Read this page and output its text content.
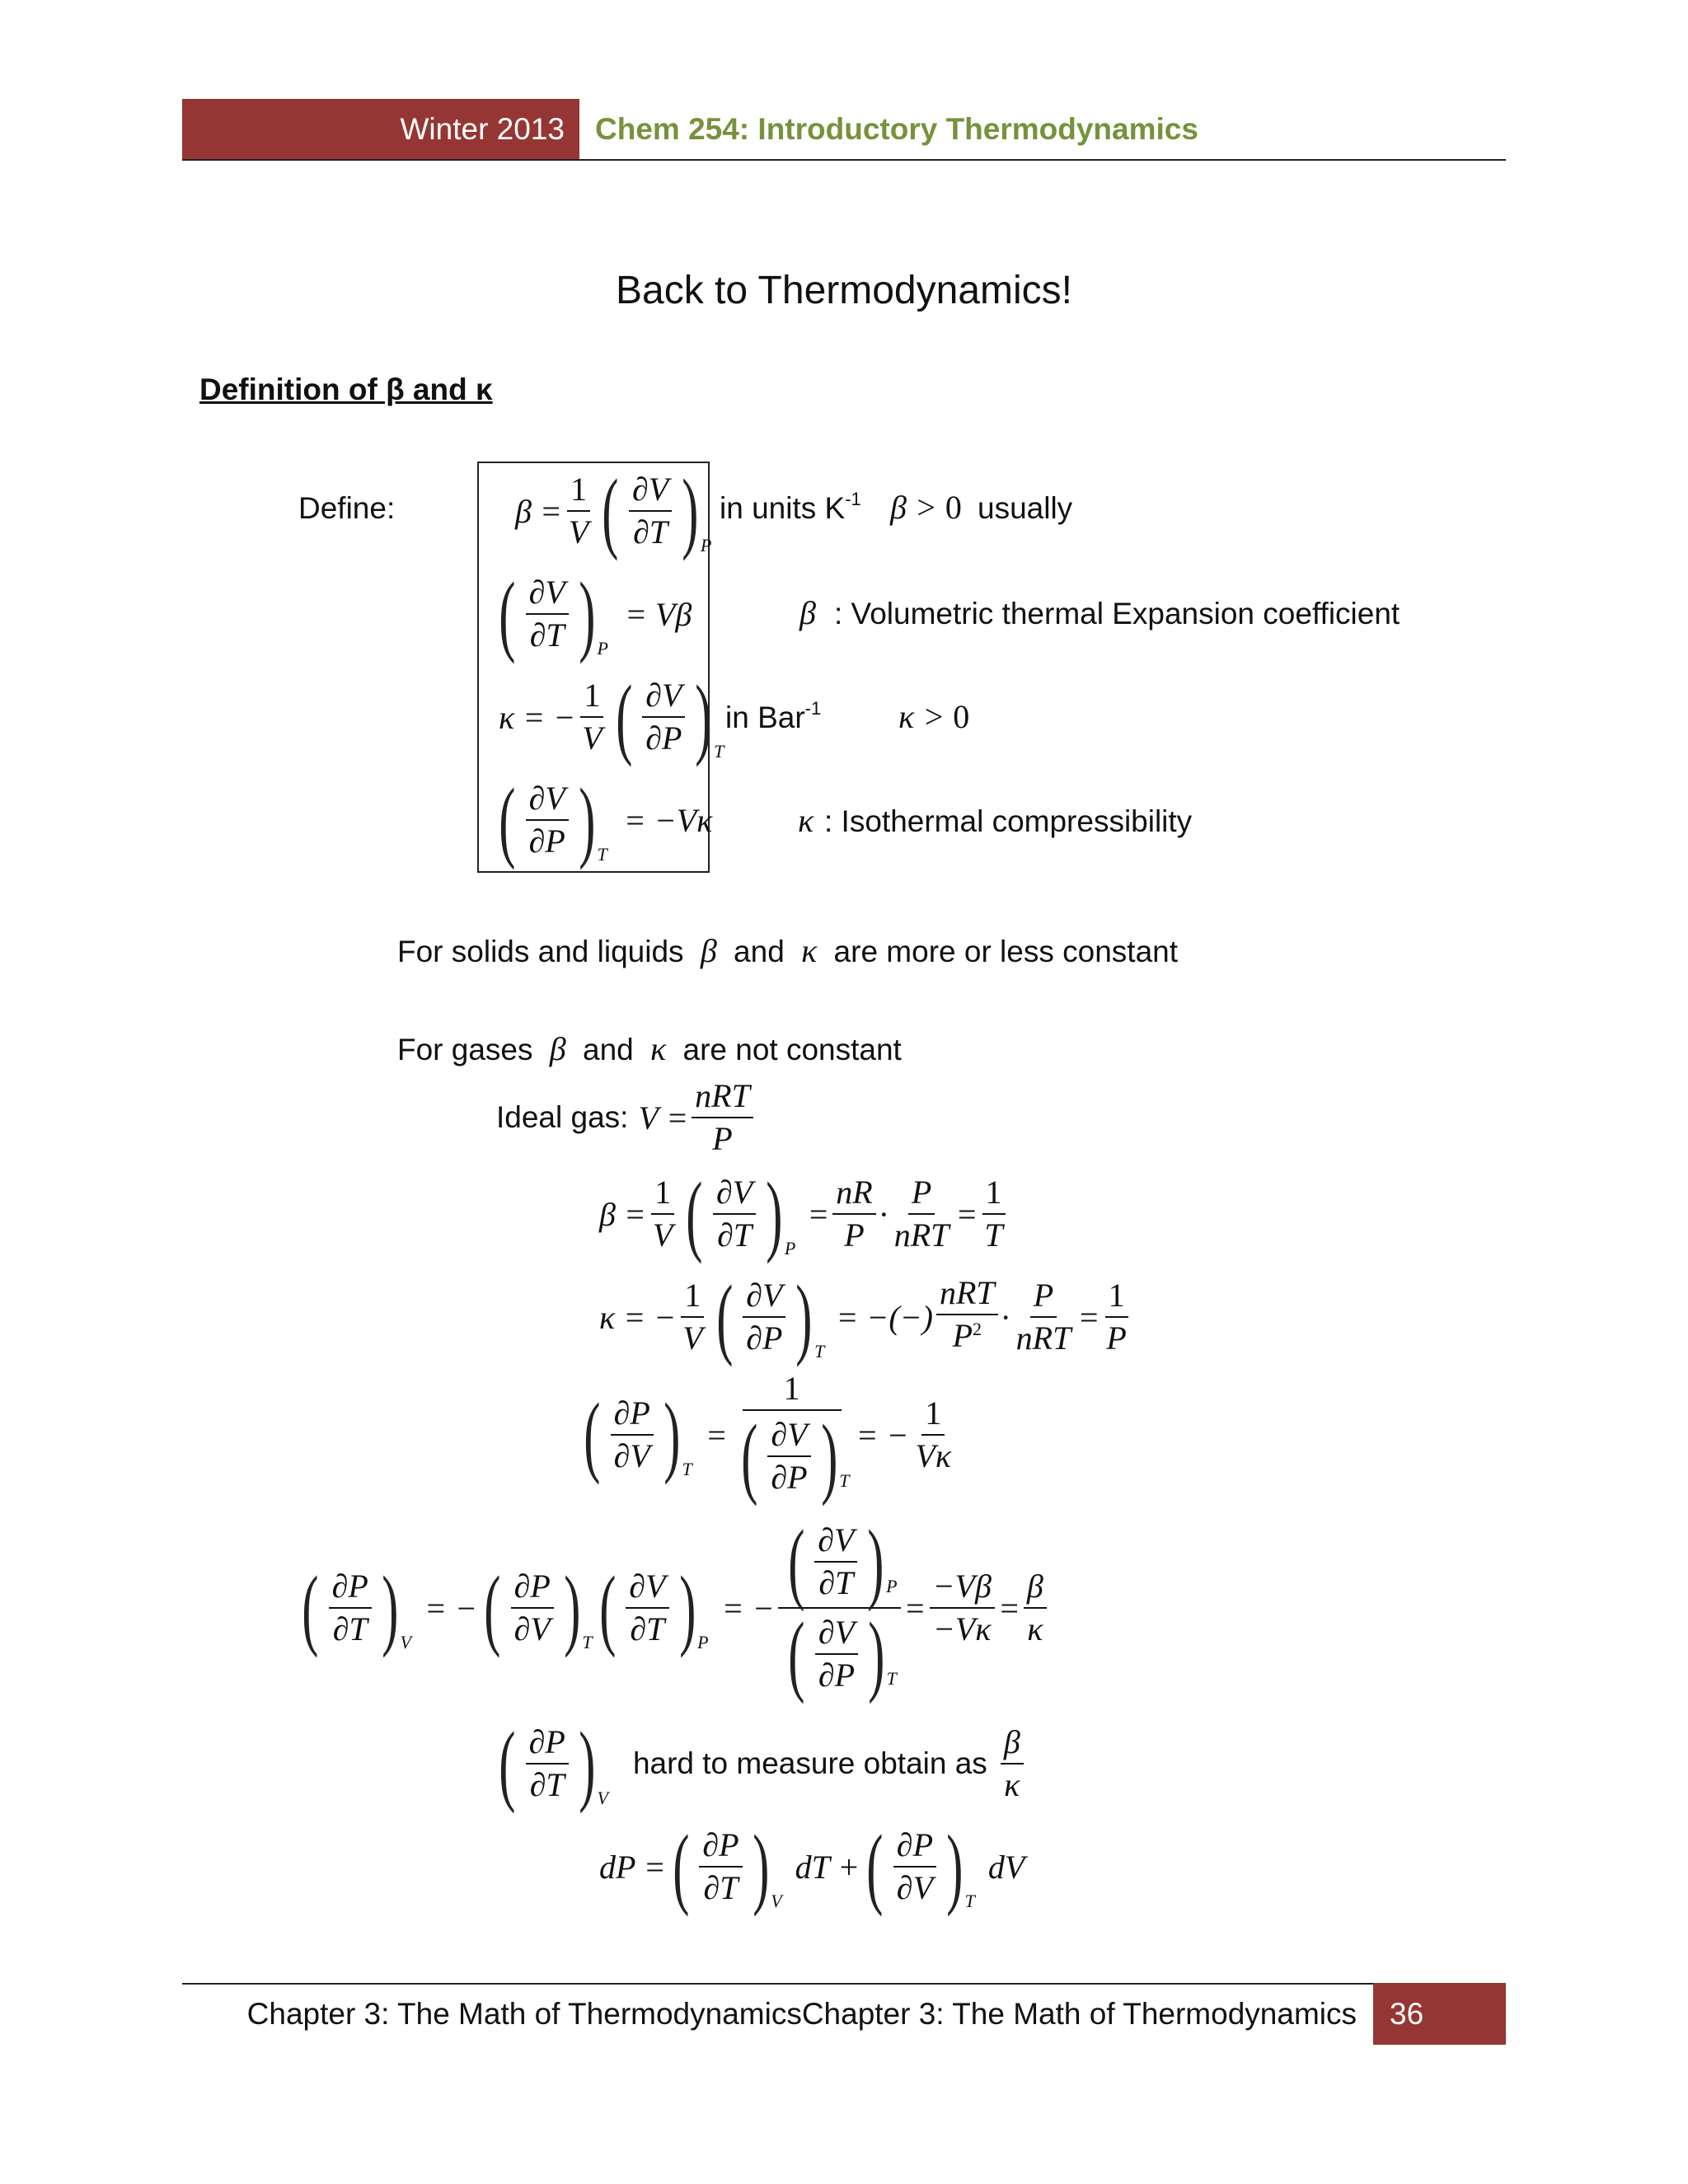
Winter 2013 Chem 254: Introductory Thermodynamics
Back to Thermodynamics!
Definition of β and κ
Define:	$\beta = \frac{1}{V}$ ( $\frac{\partial V}{\partial T}$ ) P
in units $K^{-1}$ β > 0 usually
( $\frac{\partial V}{\partial T}$ ) P
= Vβ	β : Volumetric thermal Expansion coefficient
κ = − $\frac{1}{V}$ ( $\frac{\partial V}{\partial P}$ ) T
in Bar$^{-1}$ κ > 0
( $\frac{\partial V}{\partial P}$ ) T
= −Vκ	κ : Isothermal compressibility
For solids and liquids β and κ are more or less constant
For gases β and κ are not constant
Ideal gas: $V = \frac{\text{nRT}}{P}$
$\beta = \frac{1}{V}$ ( $\frac{\partial V}{\partial T}$ ) P
= $\frac{nR}{P} \cdot \frac{P}{\text{nRT}} = \frac{1}{T}$
κ = − $\frac{1}{V}$ ( $\frac{\partial V}{\partial P}$ ) T
= −(−) $\frac{\text{nRT}}{P^2} \cdot \frac{P}{\text{nRT}} = \frac{1}{P}$
( $\frac{\partial P}{\partial V}$ ) T
= $\frac{1}{( \frac{\partial V}{\partial P} ) T}$ = − $\frac{1}{V\kappa}$
( $\frac{\partial P}{\partial T}$ ) V
= − ( $\frac{\partial P}{\partial V}$ ) T ( $\frac{\partial V}{\partial T}$ ) P
= − $\frac{( \frac{\partial V}{\partial T} ) P}{( \frac{\partial V}{\partial P} ) T} = \frac{-V\beta}{-V\kappa} = \frac{\beta}{\kappa}$
( $\frac{\partial P}{\partial T}$ ) V
hard to measure obtain as $\frac{\beta}{\kappa}$
dP = ( $\frac{\partial P}{\partial T}$ ) V
dT + ( $\frac{\partial P}{\partial V}$ ) T
dV
Chapter 3: The Math of ThermodynamicsChapter 3: The Math of Thermodynamics 36
